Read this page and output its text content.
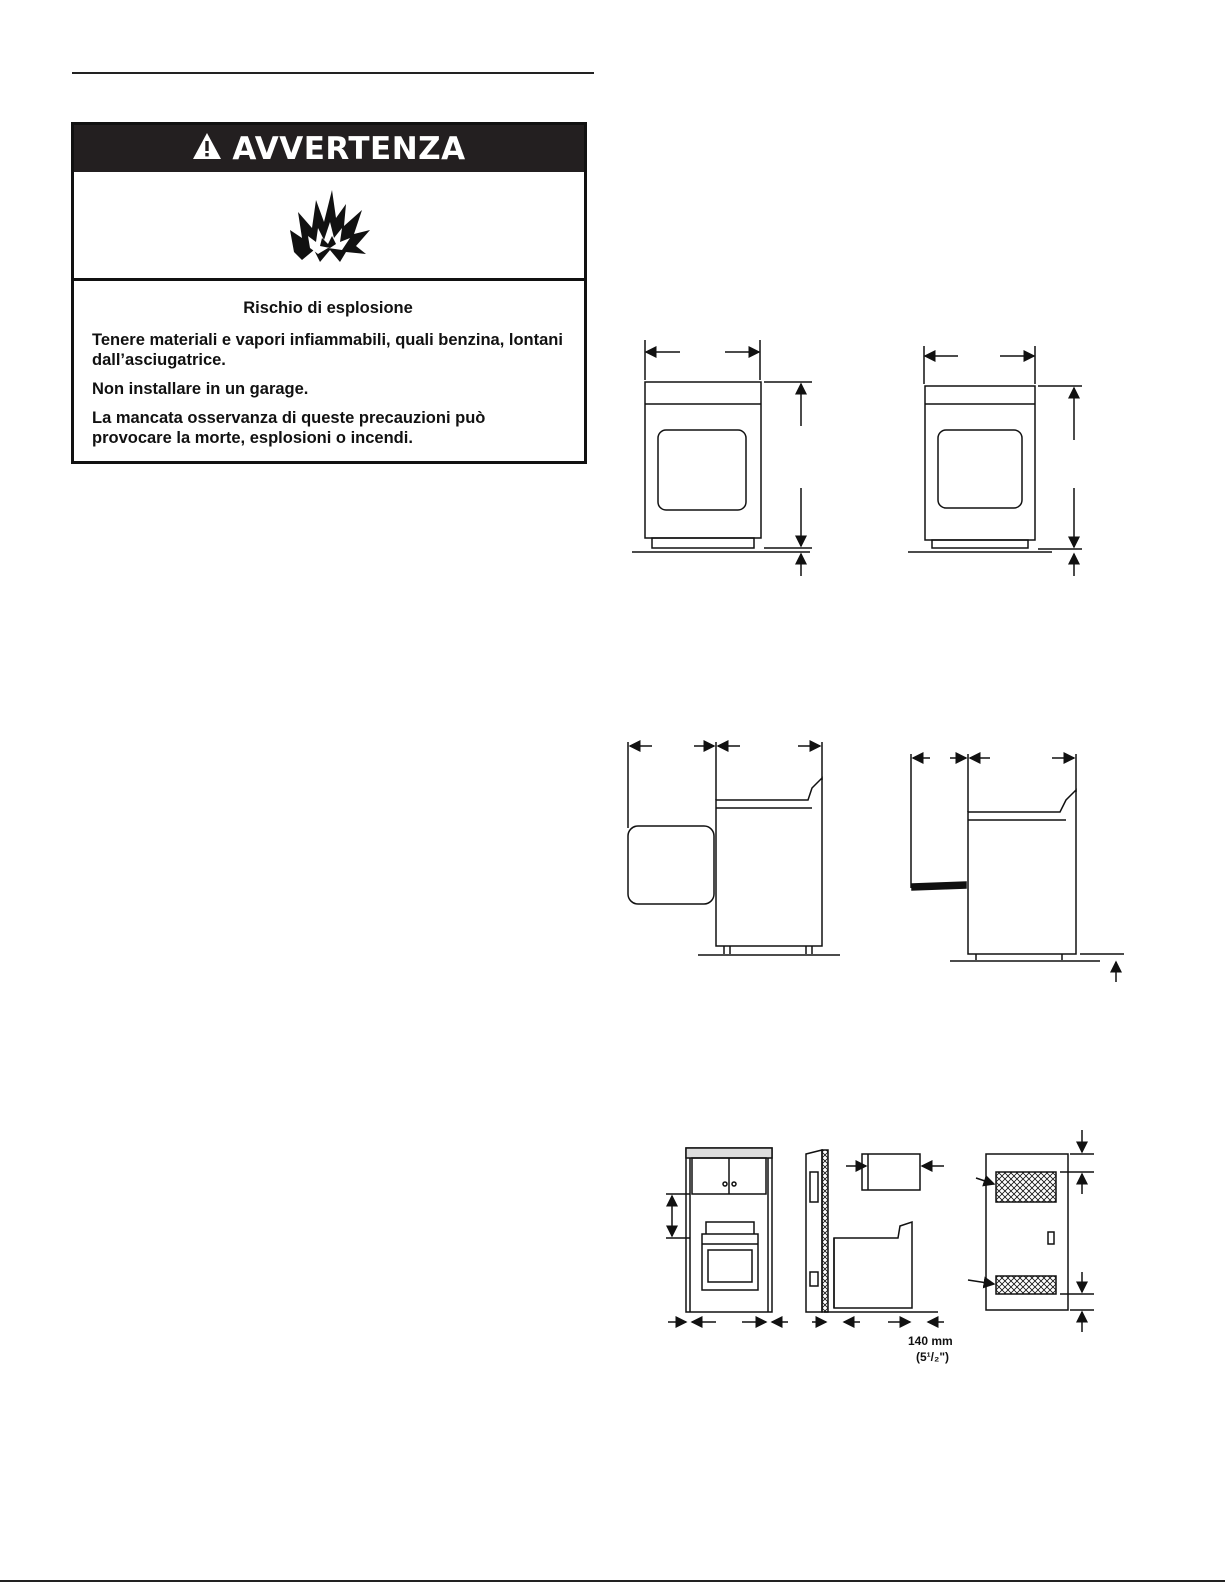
AVVERTENZA

Rischio di esplosione

Tenere materiali e vapori infiammabili, quali benzina, lontani dall’asciugatrice.

Non installare in un garage.

La mancata osservanza di queste precauzioni può provocare la morte, esplosioni o incendi.

140 mm
(5¹/₂")
